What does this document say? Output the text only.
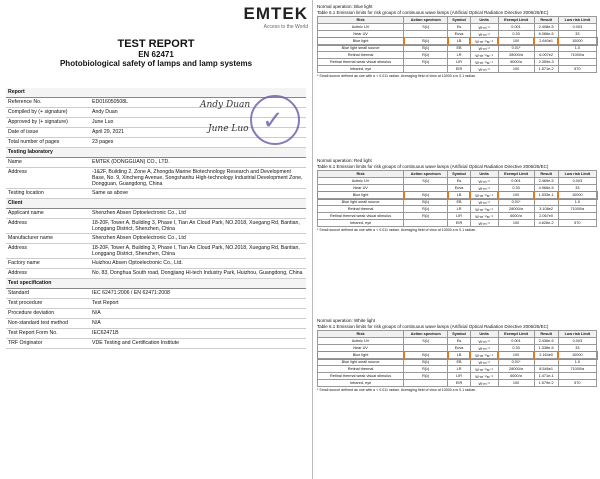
EMTEK
Access to the World
TEST REPORT
EN 62471
Photobiological safety of lamps and lamp systems
Report
Reference No.	ED016050508L
Compiled by (+ signature)	Andy Duan
Approved by (+ signature)	June Luo
Date of issue	April 29, 2021
Total number of pages	23 pages
Testing laboratory
Name	EMTEK (DONGGUAN) CO., LTD.
Address	-1&2F, Building 2, Zone A, Zhongda Marine Biotechnology Research and Development Base, No. 9, Xincheng Avenue, Songshanhu High-technology Industrial Development Zone, Dongguan, Guangdong, China
Testing location	Same as above
Client
Applicant name	Shenzhen Absen Optoelectronic Co., Ltd
Address	18-20F, Tower A, Building 3, Phase I, Tian An Cloud Park, NO.2018, Xuegang Rd, Bantian, Longgang District, Shenzhen, China
Manufacturer name	Shenzhen Absen Optoelectronic Co., Ltd
Address	18-20F, Tower A, Building 3, Phase I, Tian An Cloud Park, NO.2018, Xuegang Rd, Bantian, Longgang District, Shenzhen, China
Factory name	Huizhou Absen Optoelectronic Co., Ltd.
Address	No. 83, Donghua South road, Dongjiang Hi-tech Industry Park, Huizhou, Guangdong, China
Test specification
Standard	IEC 62471:2006 / EN 62471:2008
Test procedure	Test Report
Procedure deviation	N/A
Non-standard test method	N/A
Test Report Form No.	IEC62471B
TRF Originator	VDE Testing and Certification Institute
Andy Duan
June Luo ✓
Normal operation: Blue light
Table 6.1 Emission limits for risk groups of continuous wave lamps (Artificial Optical Radiation Directive 2006/25/EC)
Risk	Action spectrum	Symbol	Units	Exempt Limit	Result	Low risk Limit
Actinic UV	S(λ)	Es	W·m⁻²	0.001	2.408e-5	0.003
Near UV		Euva	W·m⁻²	0.33	6.066e-5	33
Blue light	B(λ)	LB	W·m⁻²sr⁻¹	100	2.640e1	10000
Blue light small source	B(λ)	EB	W·m⁻²	0.01*		1.0
Retinal thermal	R(λ)	LR	W·m⁻²sr⁻¹	28000/α	6.007e2	71000/α
Retinal thermal weak visual stimulus	R(λ)	LIR	W·m⁻²sr⁻¹	6000/α	2.359e-3	
Infrared, eye		EIR	W·m⁻²	100	1.571e-2	570
* Small source defined as one with α < 0.011 radian. Averaging field of view at 10000 s is 0.1 radian.
Normal operation: Red light
Table 6.1 Emission limits for risk groups of continuous wave lamps (Artificial Optical Radiation Directive 2006/25/EC)
Risk	Action spectrum	Symbol	Units	Exempt Limit	Result	Low risk Limit
Actinic UV	S(λ)	Es	W·m⁻²	0.001	2.469e-5	0.003
Near UV		Euva	W·m⁻²	0.33	4.966e-5	33
Blue light	B(λ)	LB	W·m⁻²sr⁻¹	100	1.533e-1	10000
Blue light small source	B(λ)	EB	W·m⁻²	0.01*		1.0
Retinal thermal	R(λ)	LR	W·m⁻²sr⁻¹	28000/α	3.108e2	71000/α
Retinal thermal weak visual stimulus	R(λ)	LIR	W·m⁻²sr⁻¹	6000/α	2.067e0	
Infrared, eye		EIR	W·m⁻²	100	4.626e-2	570
* Small source defined as one with α < 0.011 radian. Averaging field of view at 10000 s is 0.1 radian.
Normal operation: White light
Table 6.1 Emission limits for risk groups of continuous wave lamps (Artificial Optical Radiation Directive 2006/25/EC)
Risk	Action spectrum	Symbol	Units	Exempt Limit	Result	Low risk Limit
Actinic UV	S(λ)	Es	W·m⁻²	0.001	2.436e-5	0.003
Near UV		Euva	W·m⁻²	0.33	1.338e-5	33
Blue light	B(λ)	LB	W·m⁻²sr⁻¹	100	2.164e0	10000
Blue light small source	B(λ)	EB	W·m⁻²	0.01*		1.0
Retinal thermal	R(λ)	LR	W·m⁻²sr⁻¹	28000/α	8.546e1	71000/α
Retinal thermal weak visual stimulus	R(λ)	LIR	W·m⁻²sr⁻¹	6000/α	1.471e-1	
Infrared, eye		EIR	W·m⁻²	100	1.579e-2	570
* Small source defined as one with α < 0.011 radian. Averaging field of view at 10000 s is 0.1 radian.
